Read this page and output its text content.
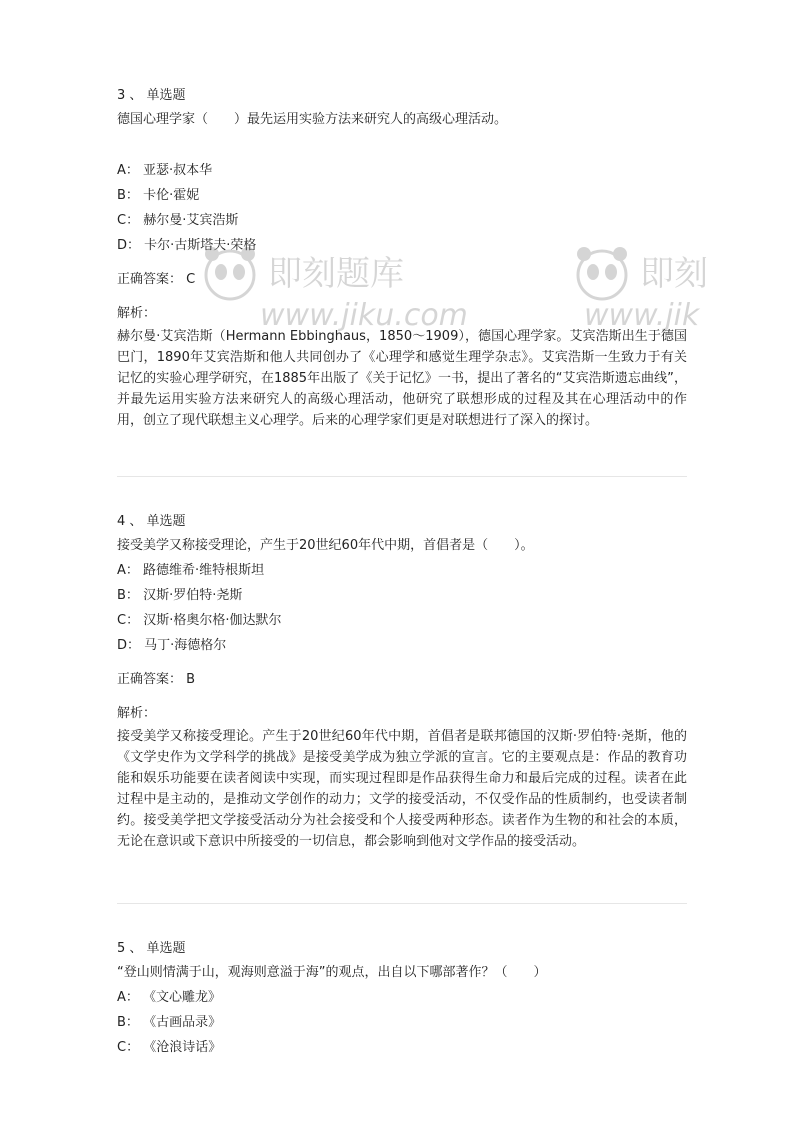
即刻题库
www.jiku.com
即刻
www.jik
3 、 单选题
德国心理学家（　　）最先运用实验方法来研究人的高级心理活动。
A： 亚瑟·叔本华
B： 卡伦·霍妮
C： 赫尔曼·艾宾浩斯
D： 卡尔·古斯塔夫·荣格
正确答案： C
解析：

赫尔曼·艾宾浩斯（Hermann Ebbinghaus，1850～1909），德国心理学家。艾宾浩斯出生于德国巴门，1890年艾宾浩斯和他人共同创办了《心理学和感觉生理学杂志》。艾宾浩斯一生致力于有关记忆的实验心理学研究，在1885年出版了《关于记忆》一书，提出了著名的“艾宾浩斯遗忘曲线”，并最先运用实验方法来研究人的高级心理活动，他研究了联想形成的过程及其在心理活动中的作用，创立了现代联想主义心理学。后来的心理学家们更是对联想进行了深入的探讨。

4 、 单选题
接受美学又称接受理论，产生于20世纪60年代中期，首倡者是（　　）。
A： 路德维希·维特根斯坦
B： 汉斯·罗伯特·尧斯
C： 汉斯·格奥尔格·伽达默尔
D： 马丁·海德格尔
正确答案： B
解析：

接受美学又称接受理论。产生于20世纪60年代中期，首倡者是联邦德国的汉斯·罗伯特·尧斯，他的《文学史作为文学科学的挑战》是接受美学成为独立学派的宣言。它的主要观点是：作品的教育功能和娱乐功能要在读者阅读中实现，而实现过程即是作品获得生命力和最后完成的过程。读者在此过程中是主动的，是推动文学创作的动力；文学的接受活动，不仅受作品的性质制约，也受读者制约。接受美学把文学接受活动分为社会接受和个人接受两种形态。读者作为生物的和社会的本质，无论在意识或下意识中所接受的一切信息，都会影响到他对文学作品的接受活动。

5 、 单选题
“登山则情满于山，观海则意溢于海”的观点，出自以下哪部著作？（　　）
A： 《文心雕龙》
B： 《古画品录》
C： 《沧浪诗话》
